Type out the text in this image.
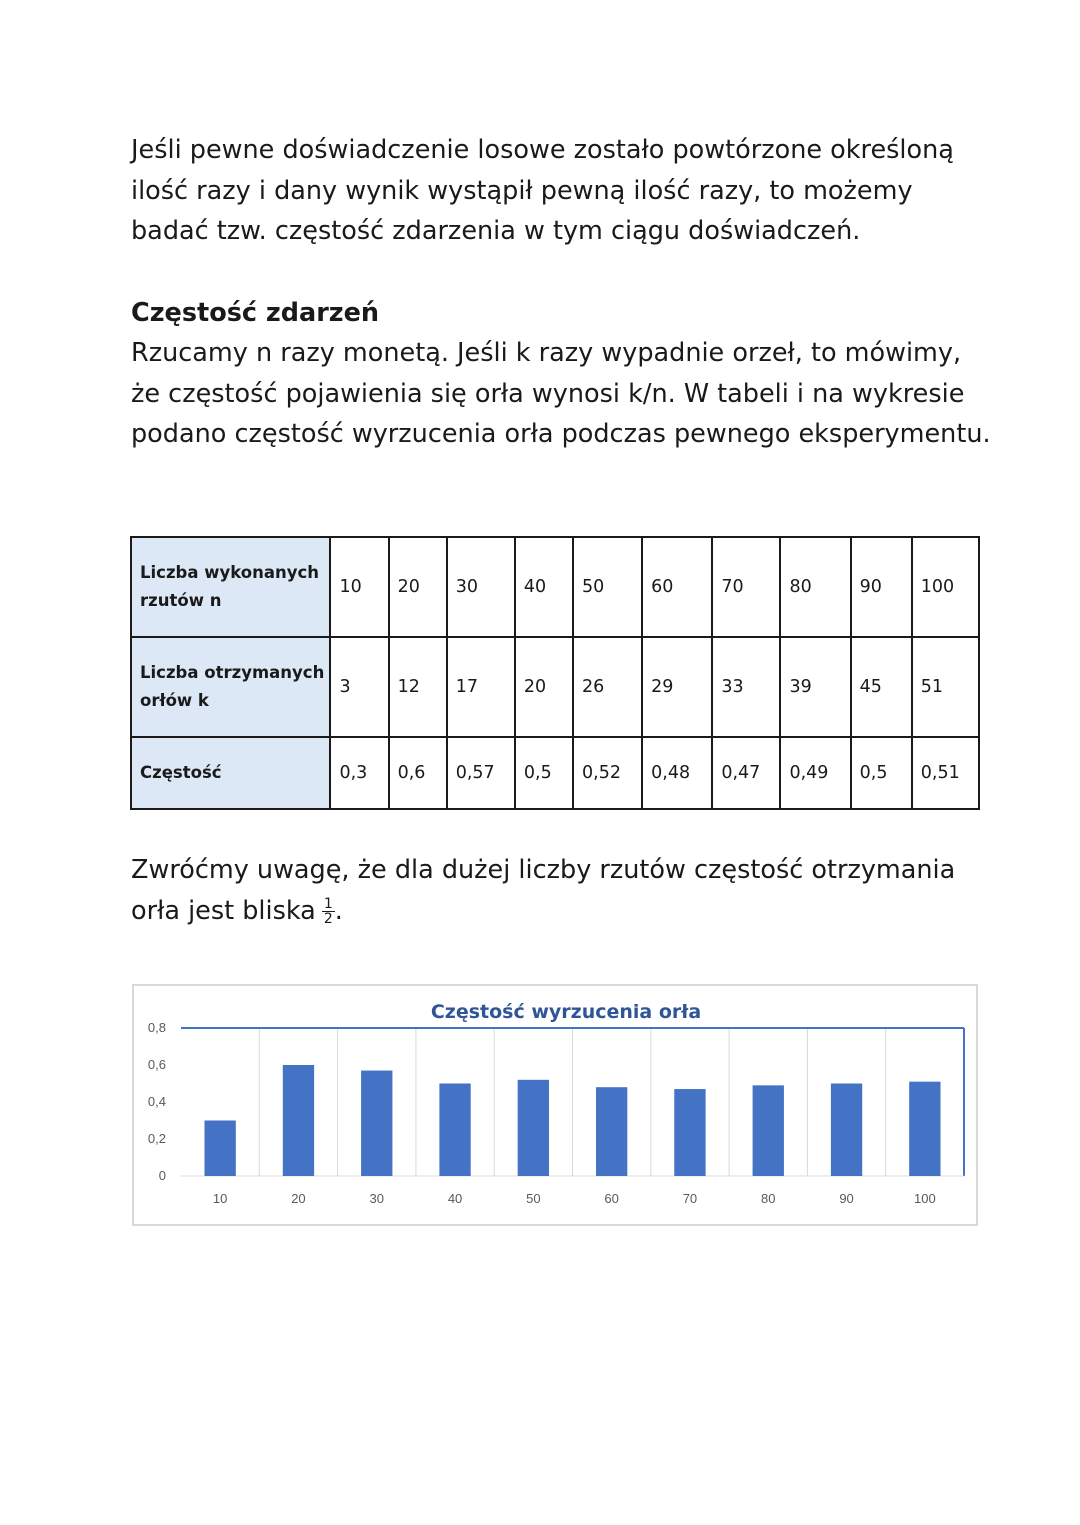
Jeśli pewne doświadczenie losowe zostało powtórzone określoną ilość razy i dany wynik wystąpił pewną ilość razy, to możemy badać tzw. częstość zdarzenia w tym ciągu doświadczeń.

Częstość zdarzeń

Rzucamy n razy monetą. Jeśli k razy wypadnie orzeł, to mówimy, że częstość pojawienia się orła wynosi k/n. W tabeli i na wykresie podano częstość wyrzucenia orła podczas pewnego eksperymentu.

Liczba wykonanych rzutów n	10	20	30	40	50	60	70	80	90	100
Liczba otrzymanych orłów k	3	12	17	20	26	29	33	39	45	51
Częstość	0,3	0,6	0,57	0,5	0,52	0,48	0,47	0,49	0,5	0,51

Zwróćmy uwagę, że dla dużej liczby rzutów częstość otrzymania orła jest bliska $\frac{1}{2}$ .

Częstość wyrzucenia orła
0
0,2
0,4
0,6
0,8
10	20	30	40	50	60	70	80	90	100
